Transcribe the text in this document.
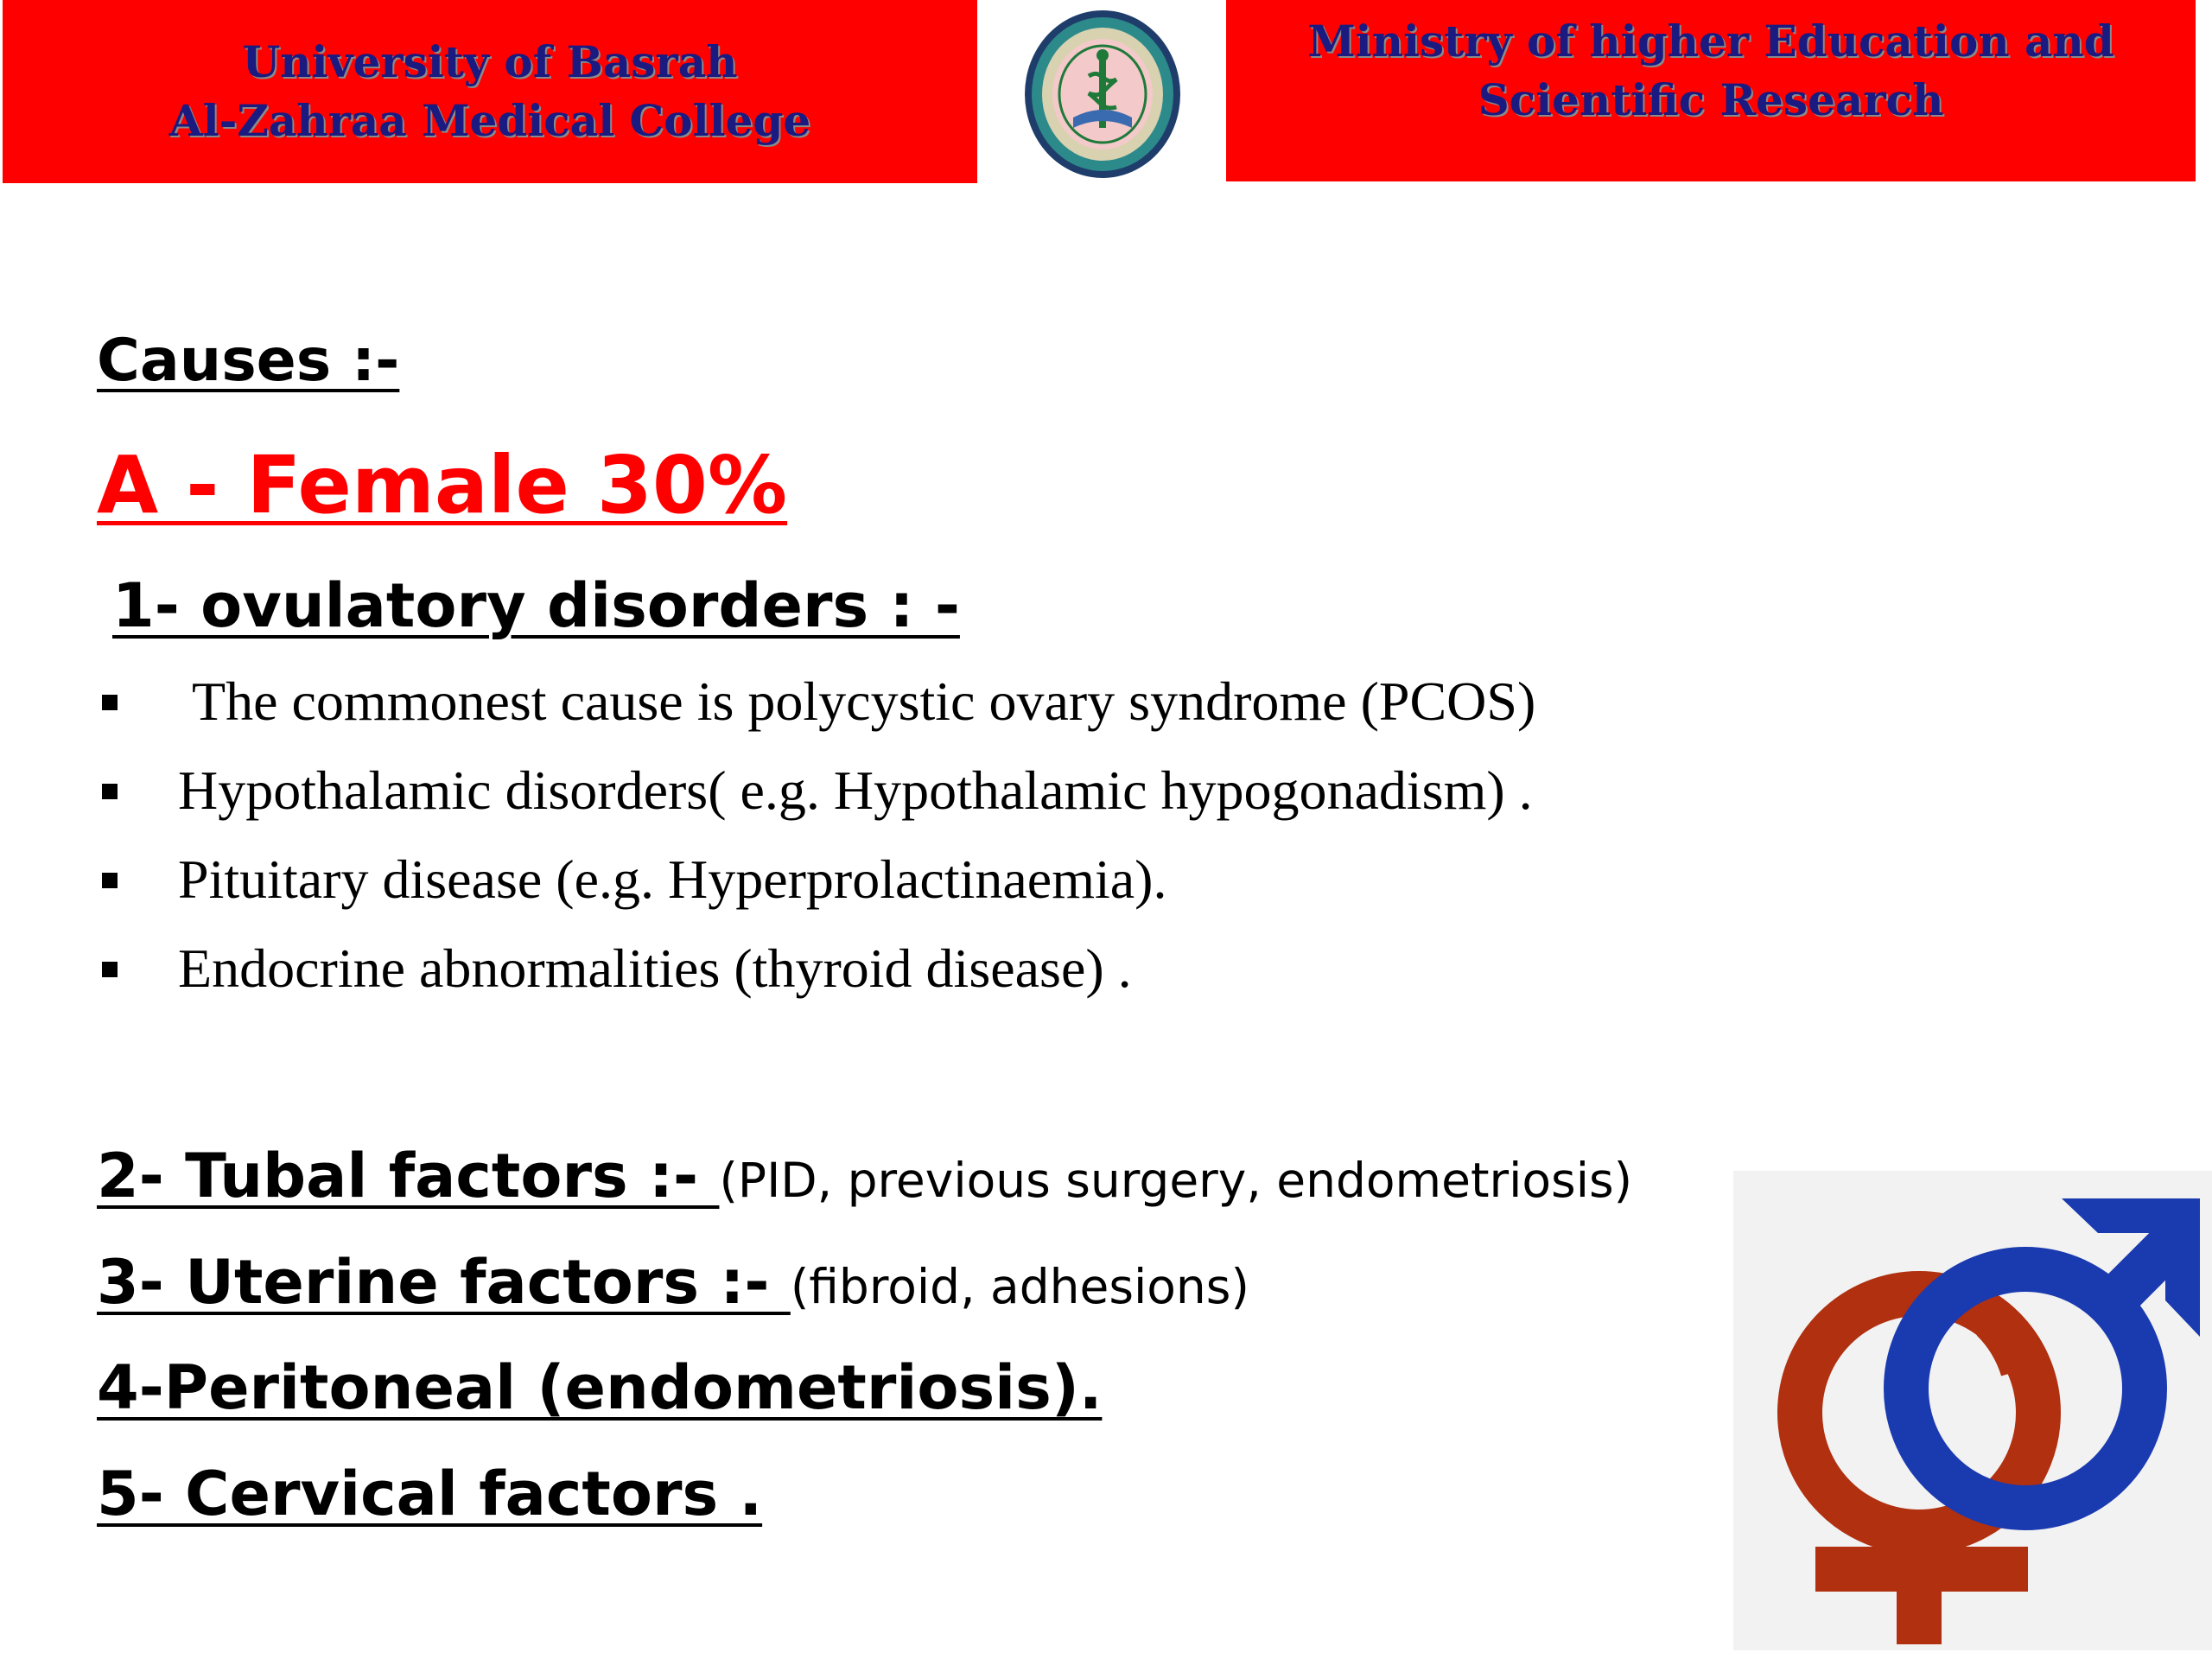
University of Basrah
Al-Zahraa Medical College
Ministry of higher Education and
Scientific Research
Causes :-
A - Female 30%
1- ovulatory disorders : -
The commonest cause is polycystic ovary syndrome (PCOS)
Hypothalamic disorders( e.g. Hypothalamic hypogonadism) .
Pituitary disease (e.g. Hyperprolactinaemia).
Endocrine abnormalities (thyroid disease) .
2- Tubal factors :- (PID, previous surgery, endometriosis)
3- Uterine factors :- (fibroid, adhesions)
4-Peritoneal (endometriosis).
5- Cervical factors .
